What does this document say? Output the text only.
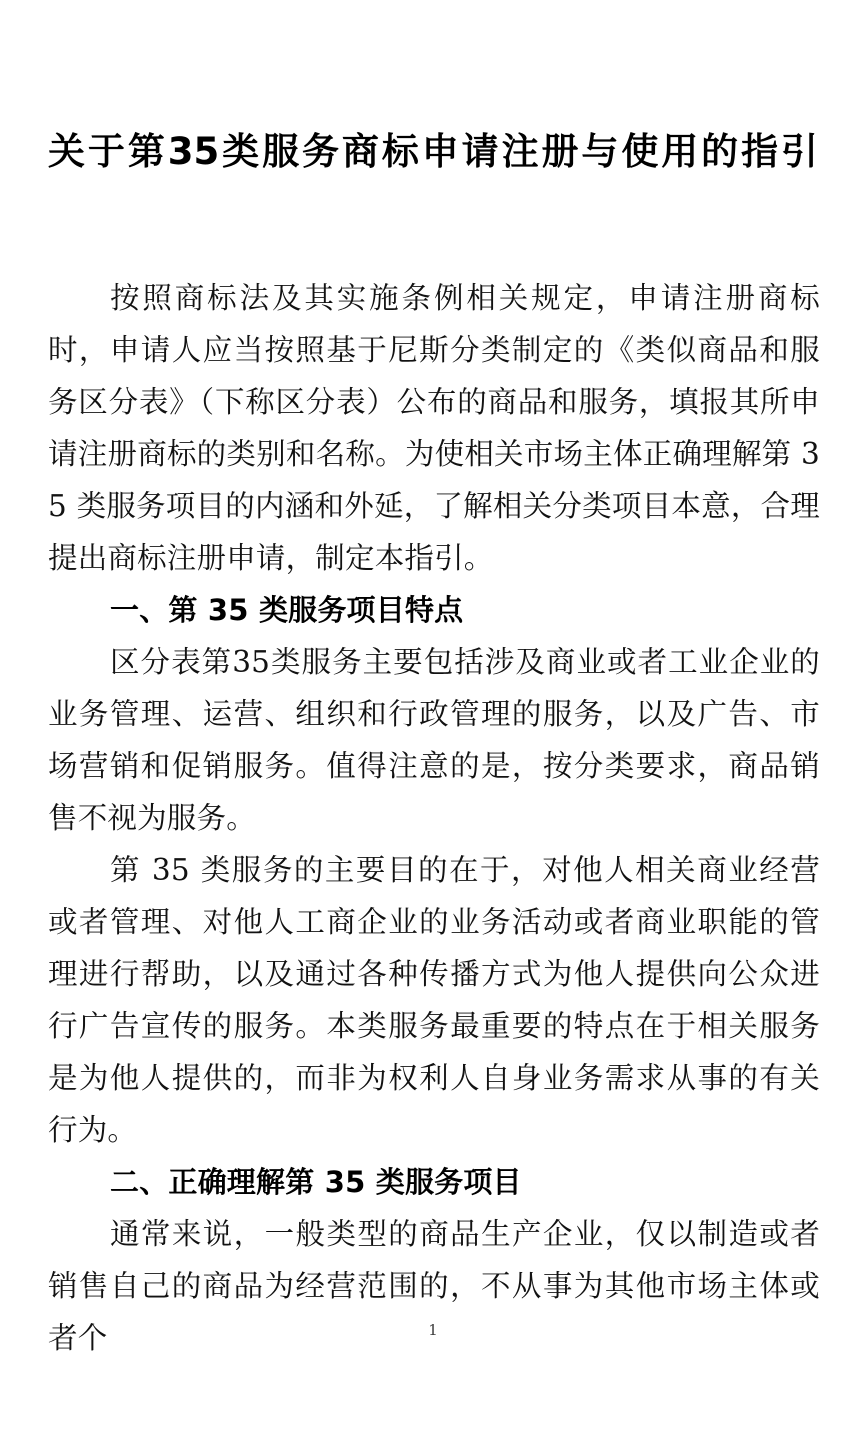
关于第35类服务商标申请注册与使用的指引

按照商标法及其实施条例相关规定，申请注册商标时，申请人应当按照基于尼斯分类制定的《类似商品和服务区分表》（下称区分表）公布的商品和服务，填报其所申请注册商标的类别和名称。为使相关市场主体正确理解第 35 类服务项目的内涵和外延，了解相关分类项目本意，合理提出商标注册申请，制定本指引。

一、第 35 类服务项目特点

区分表第35类服务主要包括涉及商业或者工业企业的业务管理、运营、组织和行政管理的服务，以及广告、市场营销和促销服务。值得注意的是，按分类要求，商品销售不视为服务。

第 35 类服务的主要目的在于，对他人相关商业经营或者管理、对他人工商企业的业务活动或者商业职能的管理进行帮助，以及通过各种传播方式为他人提供向公众进行广告宣传的服务。本类服务最重要的特点在于相关服务是为他人提供的，而非为权利人自身业务需求从事的有关行为。

二、正确理解第 35 类服务项目

通常来说，一般类型的商品生产企业，仅以制造或者销售自己的商品为经营范围的，不从事为其他市场主体或者个	1
